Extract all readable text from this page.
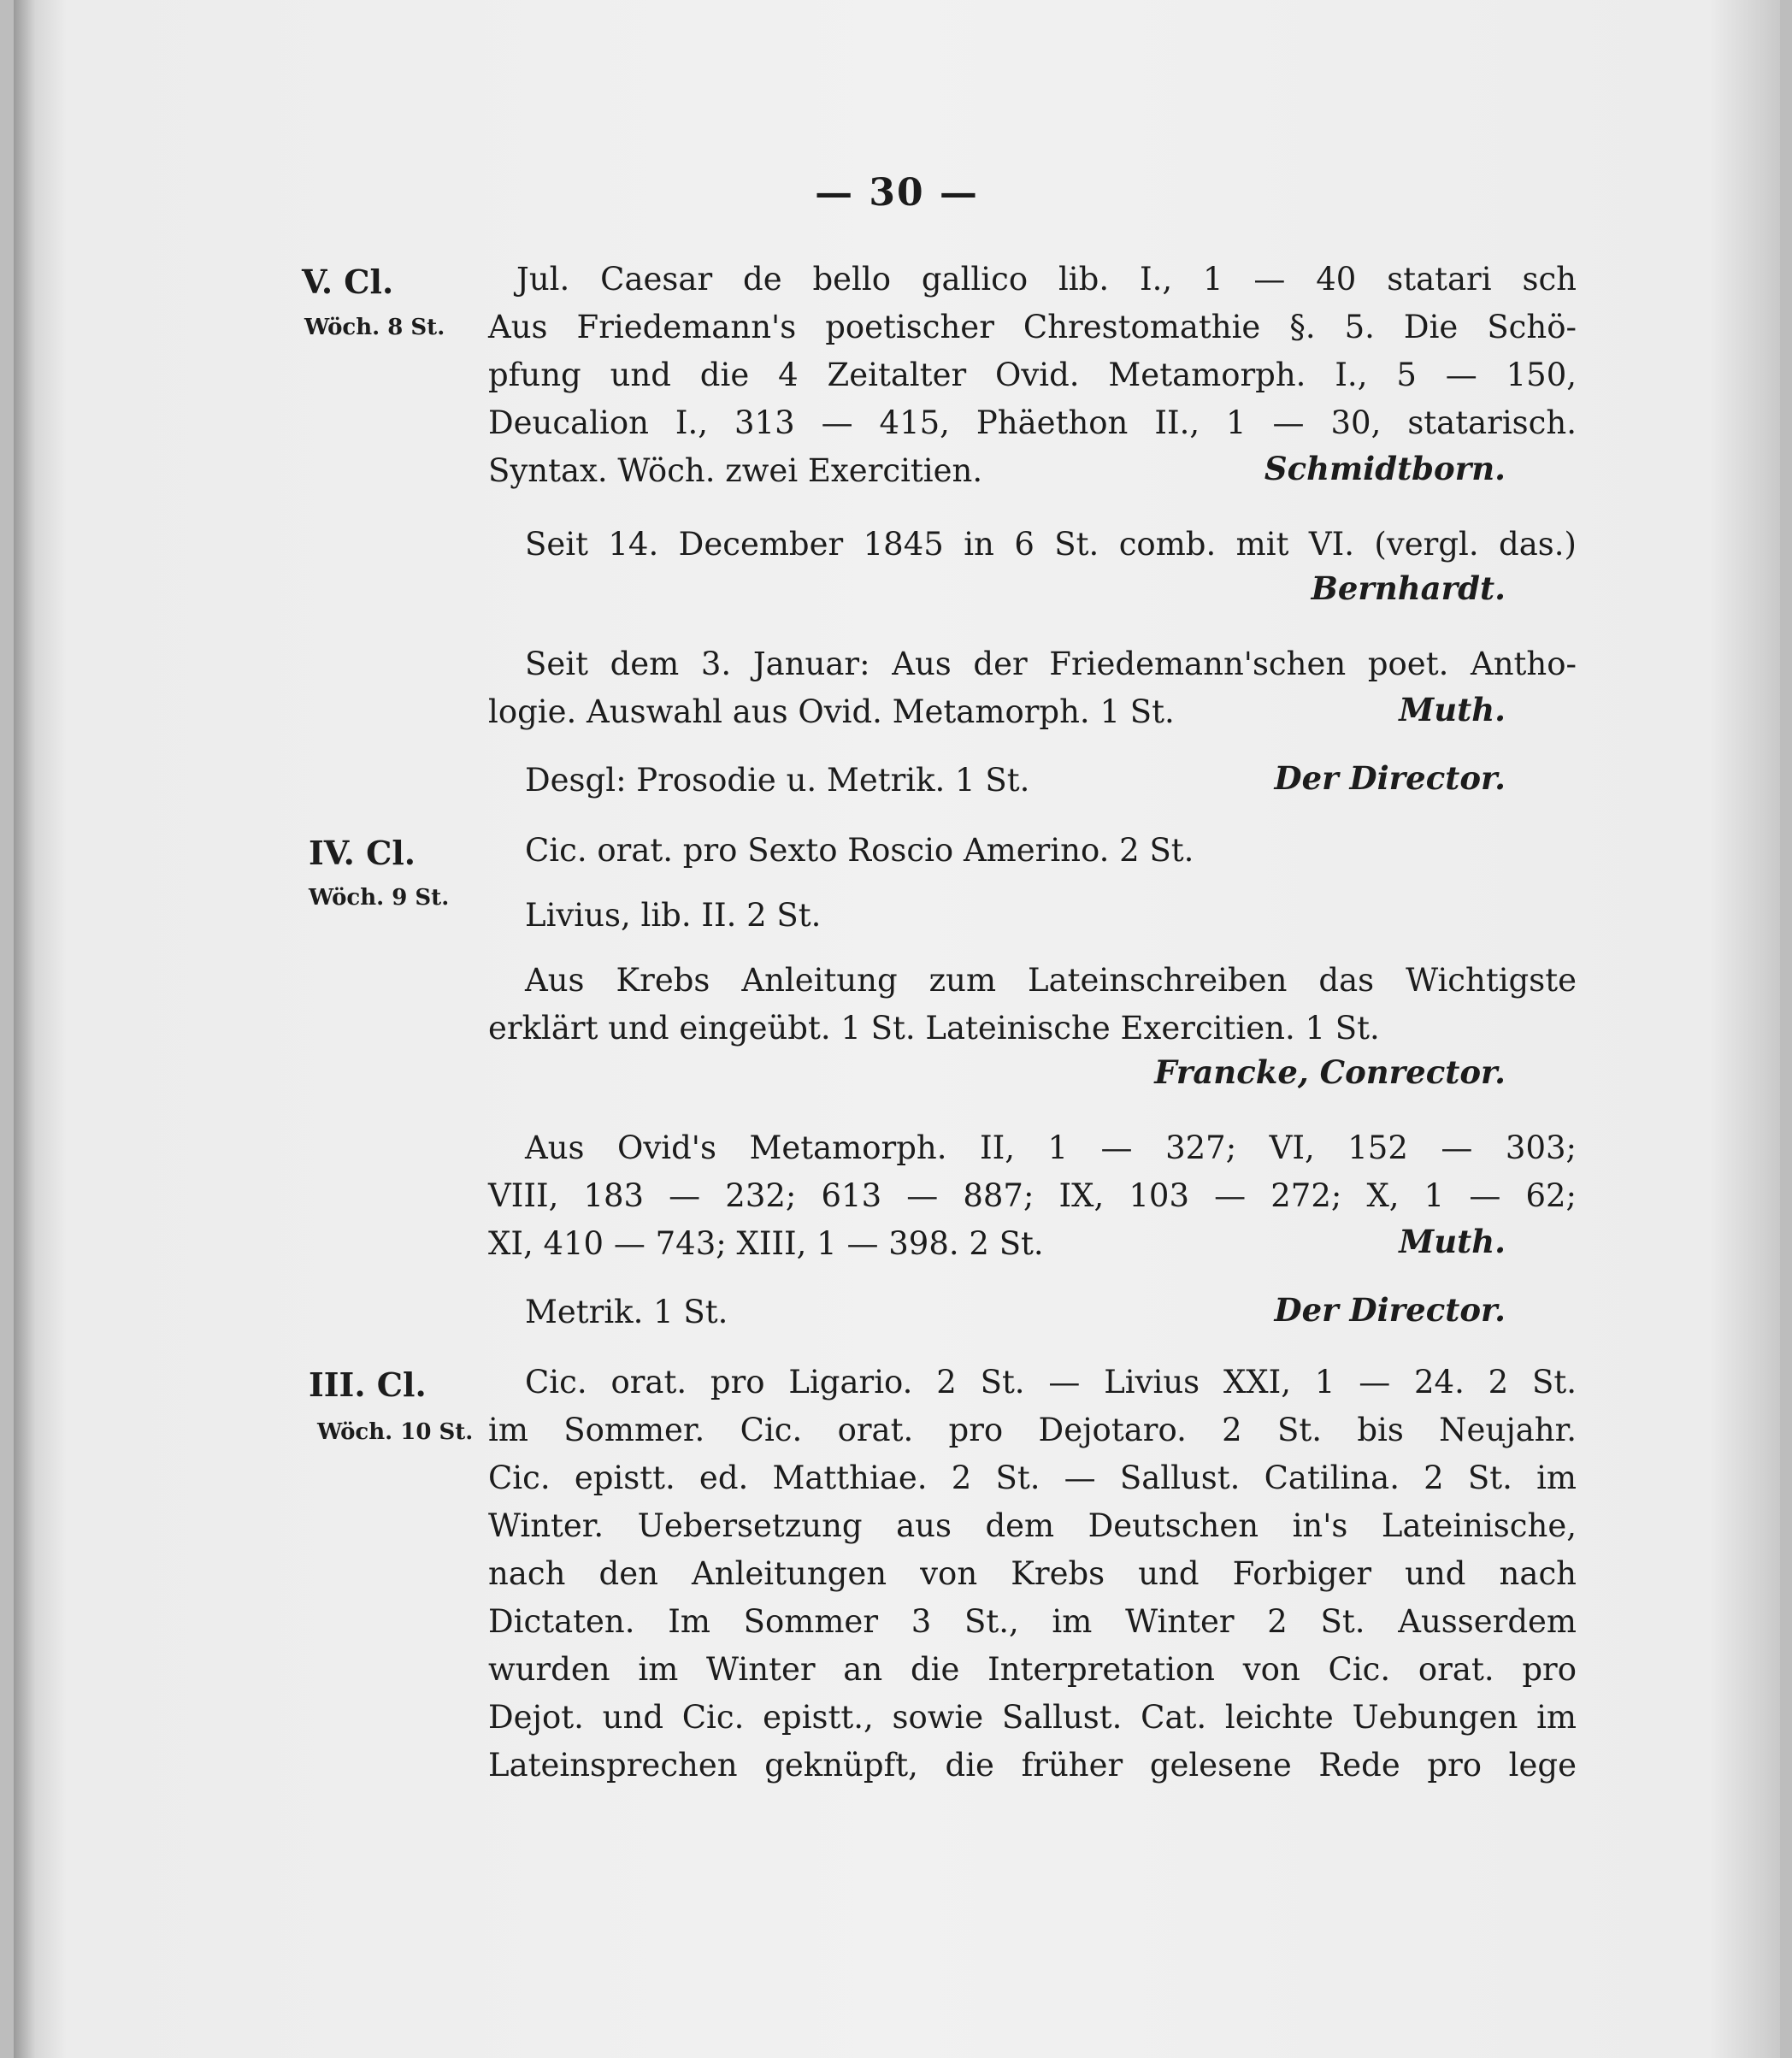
— 30 —
V. Cl.
Wöch. 8 St.
Jul. Caesar de bello gallico lib. I., 1 — 40 statari sch
Aus Friedemann's poetischer Chrestomathie §. 5. Die Schö-
pfung und die 4 Zeitalter Ovid. Metamorph. I., 5 — 150,
Deucalion I., 313 — 415, Phäethon II., 1 — 30, statarisch.
Syntax. Wöch. zwei Exercitien.	Schmidtborn.
Seit 14. December 1845 in 6 St. comb. mit VI. (vergl. das.)
Bernhardt.
Seit dem 3. Januar: Aus der Friedemann'schen poet. Antho-
logie. Auswahl aus Ovid. Metamorph. 1 St.	Muth.
Desgl: Prosodie u. Metrik. 1 St.	Der Director.
IV. Cl.
Wöch. 9 St.
Cic. orat. pro Sexto Roscio Amerino. 2 St.
Livius, lib. II. 2 St.
Aus Krebs Anleitung zum Lateinschreiben das Wichtigste
erklärt und eingeübt. 1 St. Lateinische Exercitien. 1 St.
Francke, Conrector.
Aus Ovid's Metamorph. II, 1 — 327; VI, 152 — 303;
VIII, 183 — 232; 613 — 887; IX, 103 — 272; X, 1 — 62;
XI, 410 — 743; XIII, 1 — 398. 2 St.	Muth.
Metrik. 1 St.	Der Director.
III. Cl.
Wöch. 10 St.
Cic. orat. pro Ligario. 2 St. — Livius XXI, 1 — 24. 2 St.
im Sommer. Cic. orat. pro Dejotaro. 2 St. bis Neujahr.
Cic. epistt. ed. Matthiae. 2 St. — Sallust. Catilina. 2 St. im
Winter. Uebersetzung aus dem Deutschen in's Lateinische,
nach den Anleitungen von Krebs und Forbiger und nach
Dictaten. Im Sommer 3 St., im Winter 2 St. Ausserdem
wurden im Winter an die Interpretation von Cic. orat. pro
Dejot. und Cic. epistt., sowie Sallust. Cat. leichte Uebungen im
Lateinsprechen geknüpft, die früher gelesene Rede pro lege
